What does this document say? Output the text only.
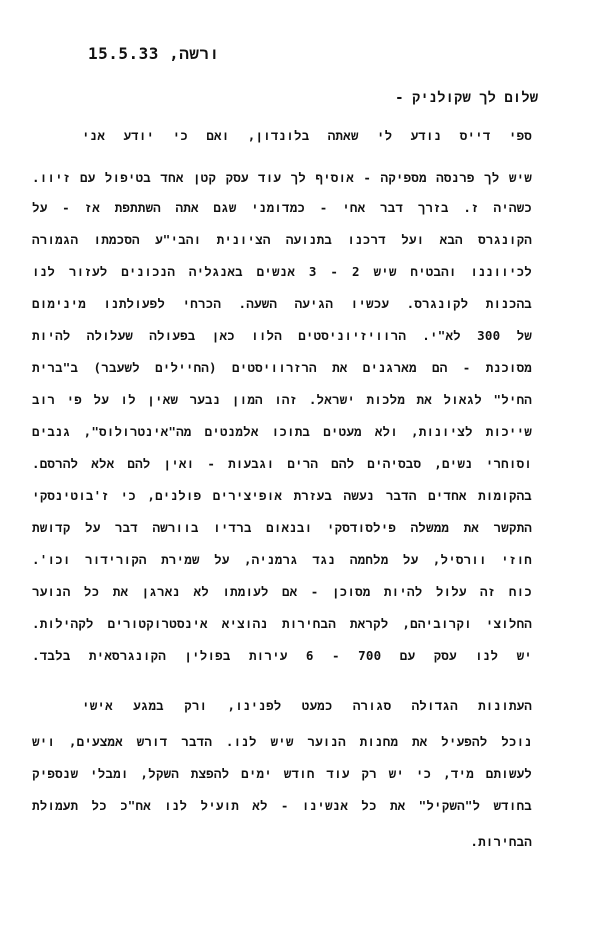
ורשה, 15.5.33
שלום לך שקולניק -
ספי דייס נודע לי שאתה בלונדון, ואם כי יודע אני
שיש לך פרנסה מספיקה - אוסיף לך עוד עסק קטן אחד בטיפול עם זיוו.
כשהיה ז. בזרך דבר אחי - כמדומני שגם אתה השתתפת אז - על
הקונגרס הבא ועל דרכנו בתנועה הציונית והבי"ע הסכמתו הגמורה
לכיווננו והבטיח שיש 2 - 3 אנשים באנגליה הנכונים לעזור לנו
בהכנות לקונגרס. עכשיו הגיעה השעה. הכרחי לפעולתנו מינימום
של 300 לא"י. הרוויזיוניסטים הלוו כאן בפעולה שעלולה להיות
מסוכנת - הם מארגנים את הרזרוויסטים (החיילים לשעבר) ב"ברית
החיל" לגאול את מלכות ישראל. זהו המון נבער שאין לו על פי רוב
שייכות לציונות, ולא מעטים בתוכו אלמנטים מה"אינטרולוס", גנבים
וסוחרי נשים, סבסיהים להם הרים וגבעות - ואין להם אלא להרסם.
בהקומות אחדים הדבר נעשה בעזרת אופיצירים פולנים, כי ז'בוטינסקי
התקשר את ממשלה פילסודסקי ובנאום ברדיו בוורשה דבר על קדושת
חוזי וורסיל, על מלחמה נגד גרמניה, על שמירת הקורידור וכו'.
כוח זה עלול להיות מסוכן - אם לעומתו לא נארגן את כל הנוער
החלוצי וקרוביהם, לקראת הבחירות נהוציא אינסטרוקטורים לקהילות.
יש לנו עסק עם 700 - 6 עירות בפולין הקונגרסאית בלבד.
העתונות הגדולה סגורה כמעט לפנינו, ורק במגע אישי
נוכל להפעיל את מחנות הנוער שיש לנו. הדבר דורש אמצעים, ויש
לעשותם מיד, כי יש רק עוד חודש ימים להפצת השקל, ומבלי שנספיק
בחודש ל"השקיל" את כל אנשינו - לא תועיל לנו אח"כ כל תעמולת
הבחירות.
